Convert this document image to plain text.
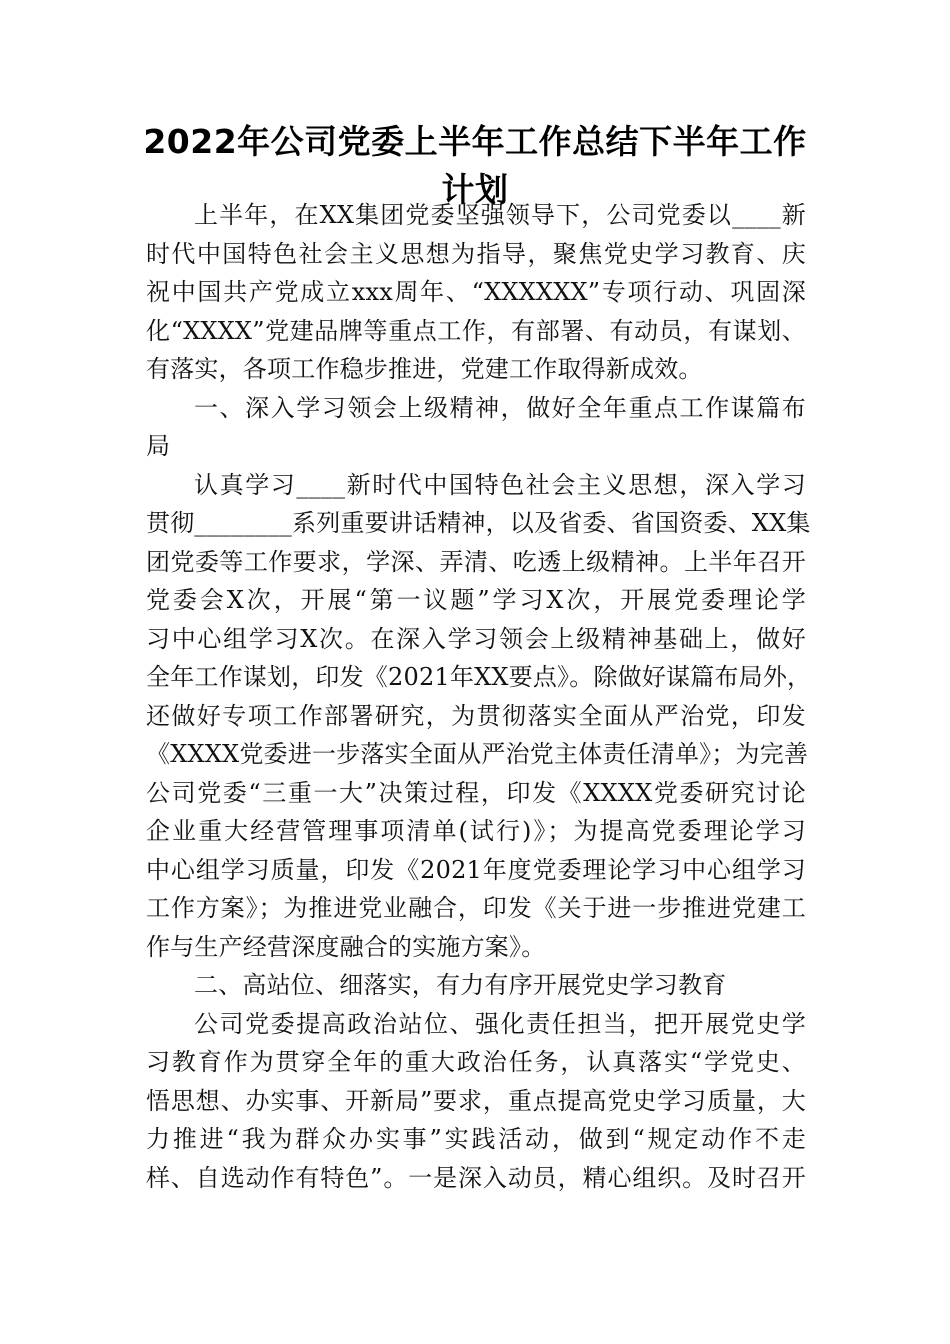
2022年公司党委上半年工作总结下半年工作
计划
上半年，在XX集团党委坚强领导下，公司党委以____新
时代中国特色社会主义思想为指导，聚焦党史学习教育、庆
祝中国共产党成立xxx周年、“XXXXXX”专项行动、巩固深
化“XXXX”党建品牌等重点工作，有部署、有动员，有谋划、
有落实，各项工作稳步推进，党建工作取得新成效。
一、深入学习领会上级精神，做好全年重点工作谋篇布
局
认真学习____新时代中国特色社会主义思想，深入学习
贯彻________系列重要讲话精神，以及省委、省国资委、XX集
团党委等工作要求，学深、弄清、吃透上级精神。上半年召开
党委会X次，开展“第一议题”学习X次，开展党委理论学
习中心组学习X次。在深入学习领会上级精神基础上，做好
全年工作谋划，印发《2021年XX要点》。除做好谋篇布局外，
还做好专项工作部署研究，为贯彻落实全面从严治党，印发
《XXXX党委进一步落实全面从严治党主体责任清单》；为完善
公司党委“三重一大”决策过程，印发《XXXX党委研究讨论
企业重大经营管理事项清单(试行)》；为提高党委理论学习
中心组学习质量，印发《2021年度党委理论学习中心组学习
工作方案》；为推进党业融合，印发《关于进一步推进党建工
作与生产经营深度融合的实施方案》。
二、高站位、细落实，有力有序开展党史学习教育
公司党委提高政治站位、强化责任担当，把开展党史学
习教育作为贯穿全年的重大政治任务，认真落实“学党史、
悟思想、办实事、开新局”要求，重点提高党史学习质量，大
力推进“我为群众办实事”实践活动，做到“规定动作不走
样、自选动作有特色”。一是深入动员，精心组织。及时召开
